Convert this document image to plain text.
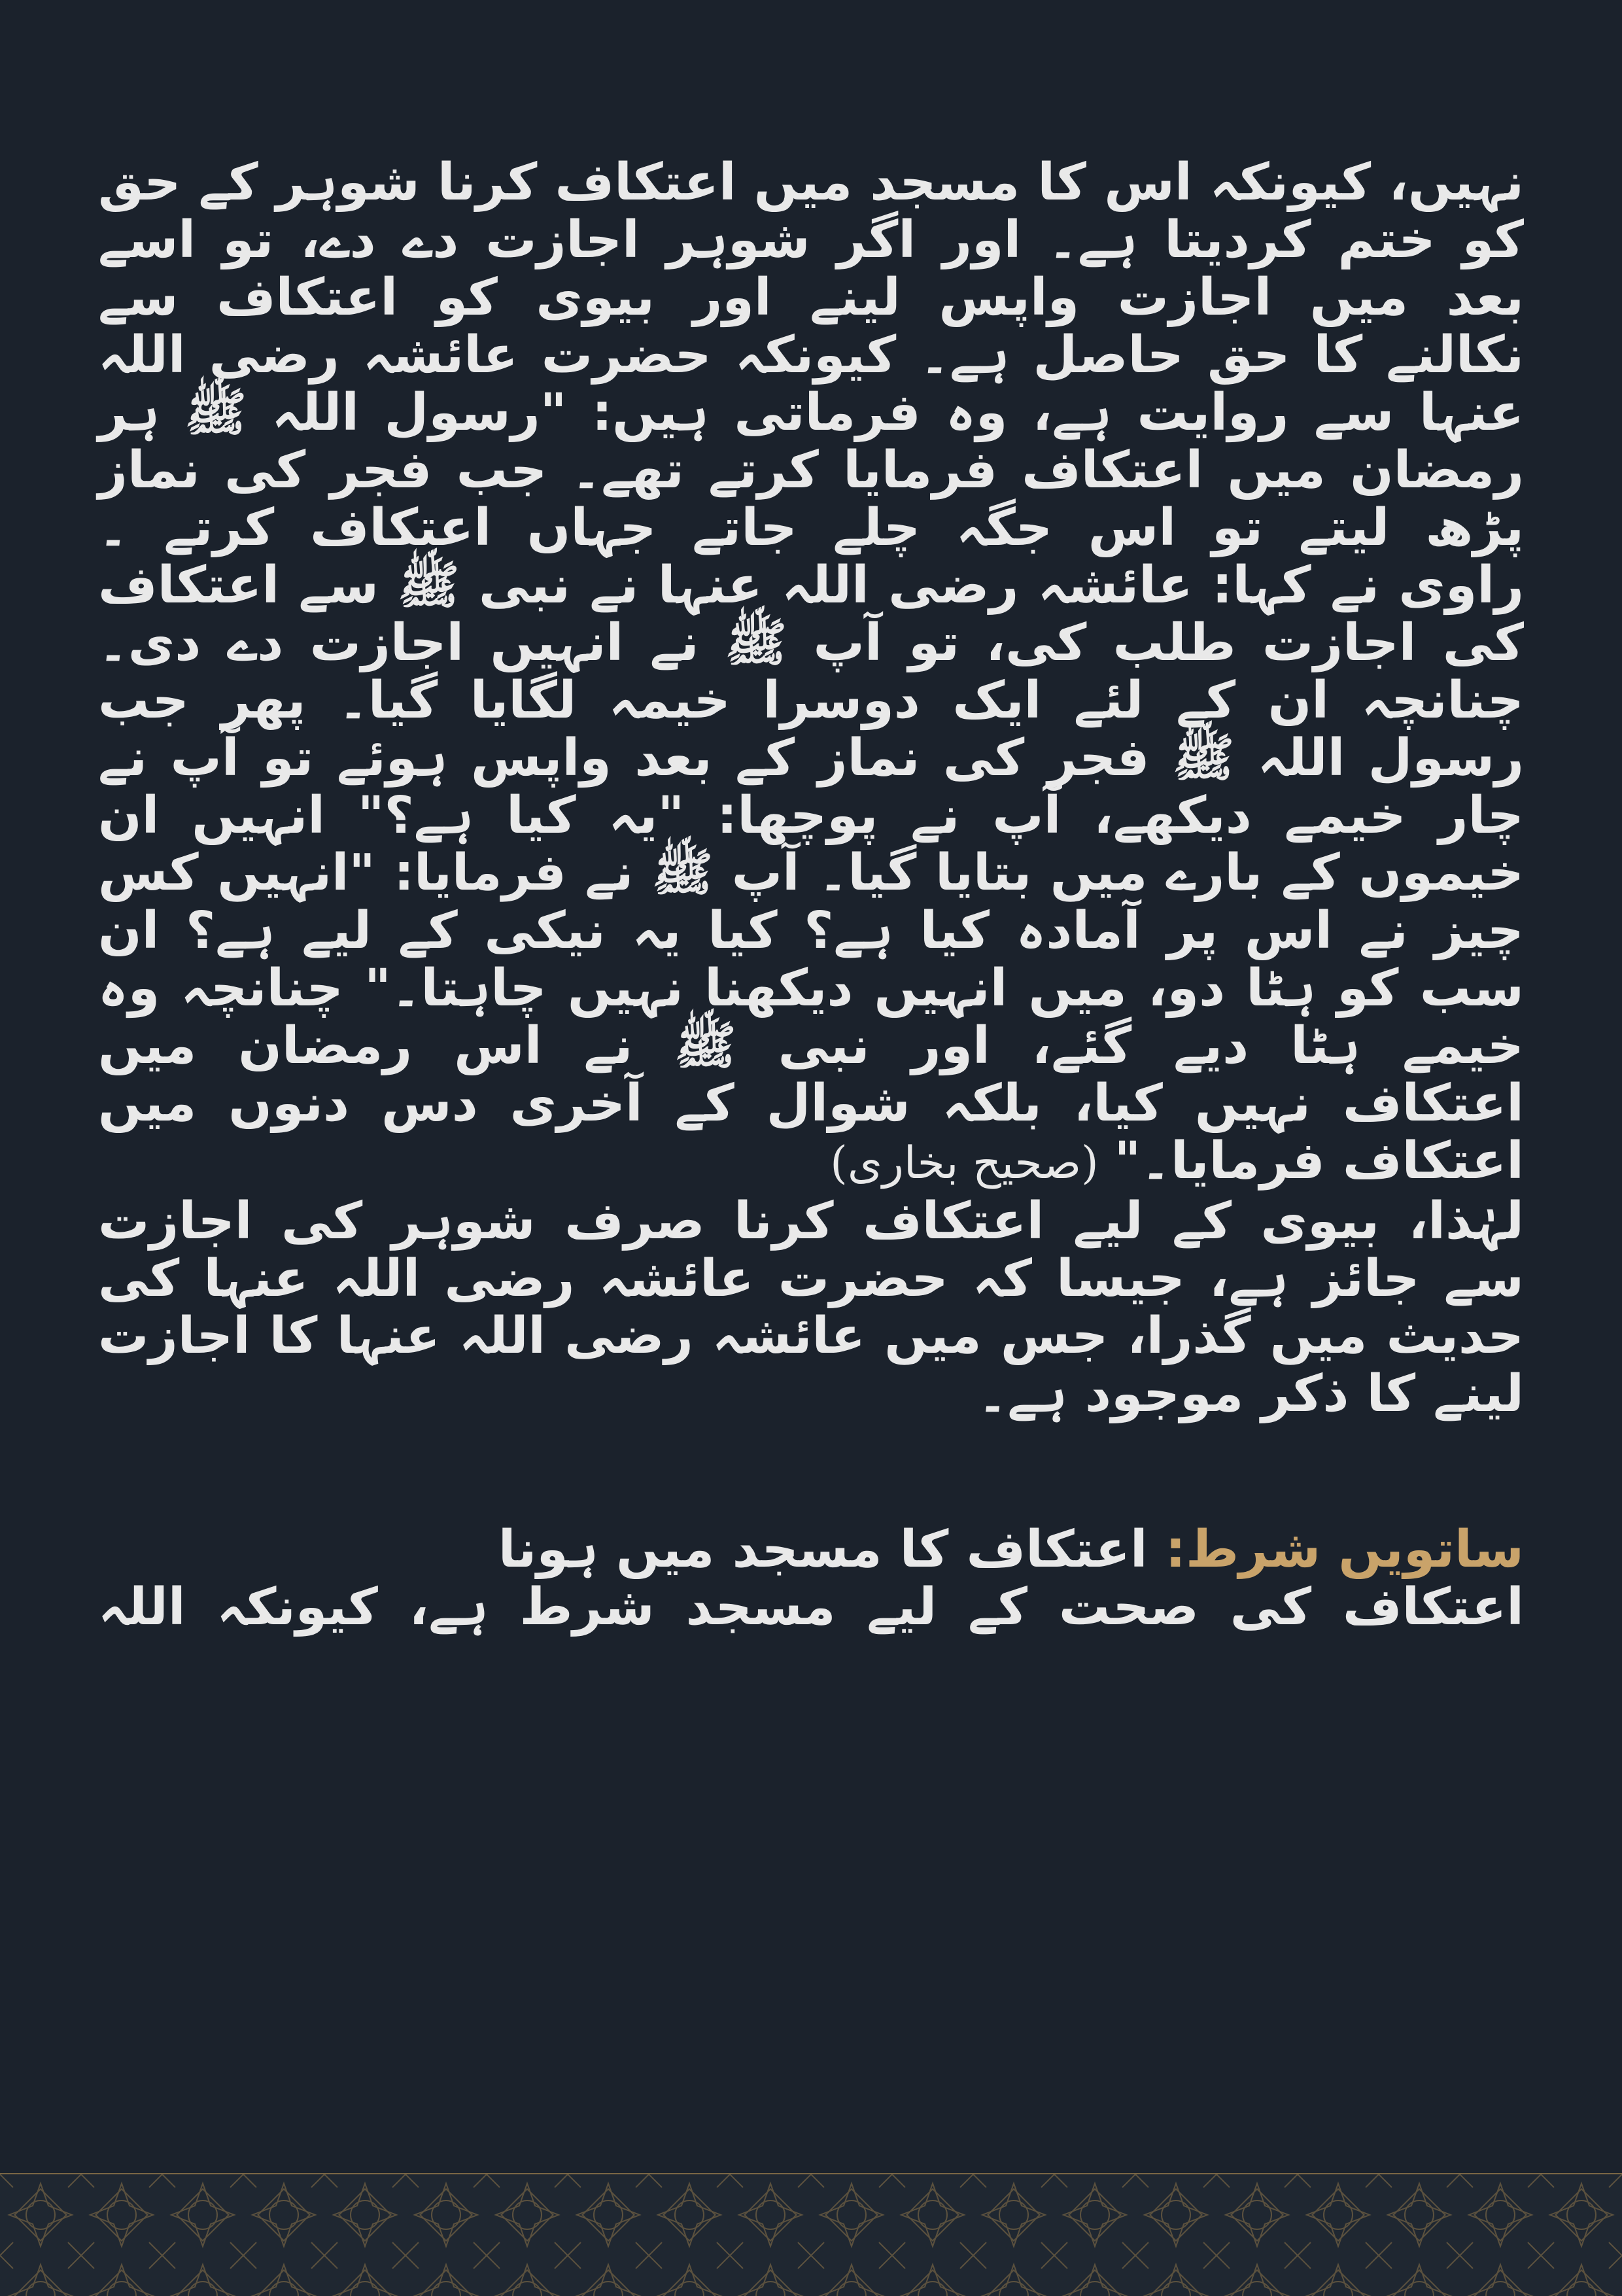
نہیں، کیونکہ اس کا مسجد میں اعتکاف کرنا شوہر کے حق
کو ختم کردیتا ہے۔ اور اگر شوہر اجازت دے دے، تو اسے
بعد میں اجازت واپس لینے اور بیوی کو اعتکاف سے
نکالنے کا حق حاصل ہے۔ کیونکہ حضرت عائشہ رضی اللہ
عنہا سے روایت ہے، وہ فرماتی ہیں: "رسول اللہ ﷺ ہر
رمضان میں اعتکاف فرمایا کرتے تھے۔ جب فجر کی نماز
پڑھ لیتے تو اس جگہ چلے جاتے جہاں اعتکاف کرتے ۔
راوی نے کہا: عائشہ رضی اللہ عنہا نے نبی ﷺ سے اعتکاف
کی اجازت طلب کی، تو آپ ﷺ نے انہیں اجازت دے دی۔
چنانچہ ان کے لئے ایک دوسرا خیمہ لگایا گیا۔ پھر جب
رسول اللہ ﷺ فجر کی نماز کے بعد واپس ہوئے تو آپ نے
چار خیمے دیکھے، آپ نے پوچھا: "یہ کیا ہے؟" انہیں ان
خیموں کے بارے میں بتایا گیا۔ آپ ﷺ نے فرمایا: "انہیں کس
چیز نے اس پر آمادہ کیا ہے؟ کیا یہ نیکی کے لیے ہے؟ ان
سب کو ہٹا دو، میں انہیں دیکھنا نہیں چاہتا۔" چنانچہ وہ
خیمے ہٹا دیے گئے، اور نبی ﷺ نے اس رمضان میں
اعتکاف نہیں کیا، بلکہ شوال کے آخری دس دنوں میں
اعتکاف فرمایا۔"(صحیح بخاری)
لہٰذا، بیوی کے لیے اعتکاف کرنا صرف شوہر کی اجازت
سے جائز ہے، جیسا کہ حضرت عائشہ رضی اللہ عنہا کی
حدیث میں گذرا، جس میں عائشہ رضی اللہ عنہا کا اجازت
لینے کا ذکر موجود ہے۔
ساتویں شرط: اعتکاف کا مسجد میں ہونا
اعتکاف کی صحت کے لیے مسجد شرط ہے، کیونکہ اللہ
